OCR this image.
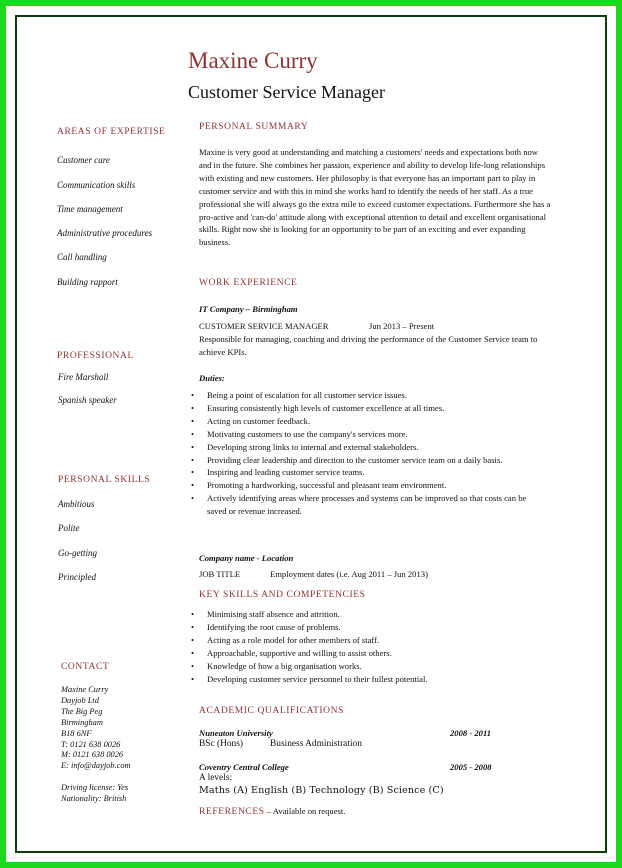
Maxine Curry
Customer Service Manager
AREAS OF EXPERTISE
Customer care
Communication skills
Time management
Administrative procedures
Call handling
Building rapport
PROFESSIONAL
Fire Marshall
Spanish speaker
PERSONAL SKILLS
Ambitious
Polite
Go-getting
Principled
CONTACT
Maxine Curry
Dayjob Ltd
The Big Peg
Birmingham
B18 6NF
T: 0121 638 0026
M: 0121 638 0026
E: info@dayjob.com
Driving license: Yes
Nationality: British
PERSONAL SUMMARY
Maxine is very good at understanding and matching a customers' needs and expectations both now and in the future. She combines her passion, experience and ability to develop life-long relationships with existing and new customers. Her philosophy is that everyone has an important part to play in customer service and with this in mind she works hard to identify the needs of her staff. As a true professional she will always go the extra mile to exceed customer expectations. Furthermore she has a pro-active and 'can-do' attitude along with exceptional attention to detail and excellent organisational skills. Right now she is looking for an opportunity to be part of an exciting and ever expanding business.
WORK EXPERIENCE
IT Company – Birmingham
CUSTOMER SERVICE MANAGER	Jun 2013 – Present
Responsible for managing, coaching and driving the performance of the Customer Service team to achieve KPIs.
Duties:
• Being a point of escalation for all customer service issues.
• Ensuring consistently high levels of customer excellence at all times.
• Acting on customer feedback.
• Motivating customers to use the company's services more.
• Developing strong links to internal and external stakeholders.
• Providing clear leadership and direction to the customer service team on a daily basis.
• Inspiring and leading customer service teams.
• Promoting a hardworking, successful and pleasant team environment.
• Actively identifying areas where processes and systems can be improved so that costs can be saved or revenue increased.
Company name - Location
JOB TITLE	Employment dates (i.e. Aug 2011 – Jun 2013)
KEY SKILLS AND COMPETENCIES
• Minimising staff absence and attrition.
• Identifying the root cause of problems.
• Acting as a role model for other members of staff.
• Approachable, supportive and willing to assist others.
• Knowledge of how a big organisation works.
• Developing customer service personnel to their fullest potential.
ACADEMIC QUALIFICATIONS
Nuneaton University	2008 - 2011
BSc (Hons)	Business Administration
Coventry Central College	2005 - 2008
A levels:
Maths (A) English (B) Technology (B) Science (C)
REFERENCES – Available on request.
